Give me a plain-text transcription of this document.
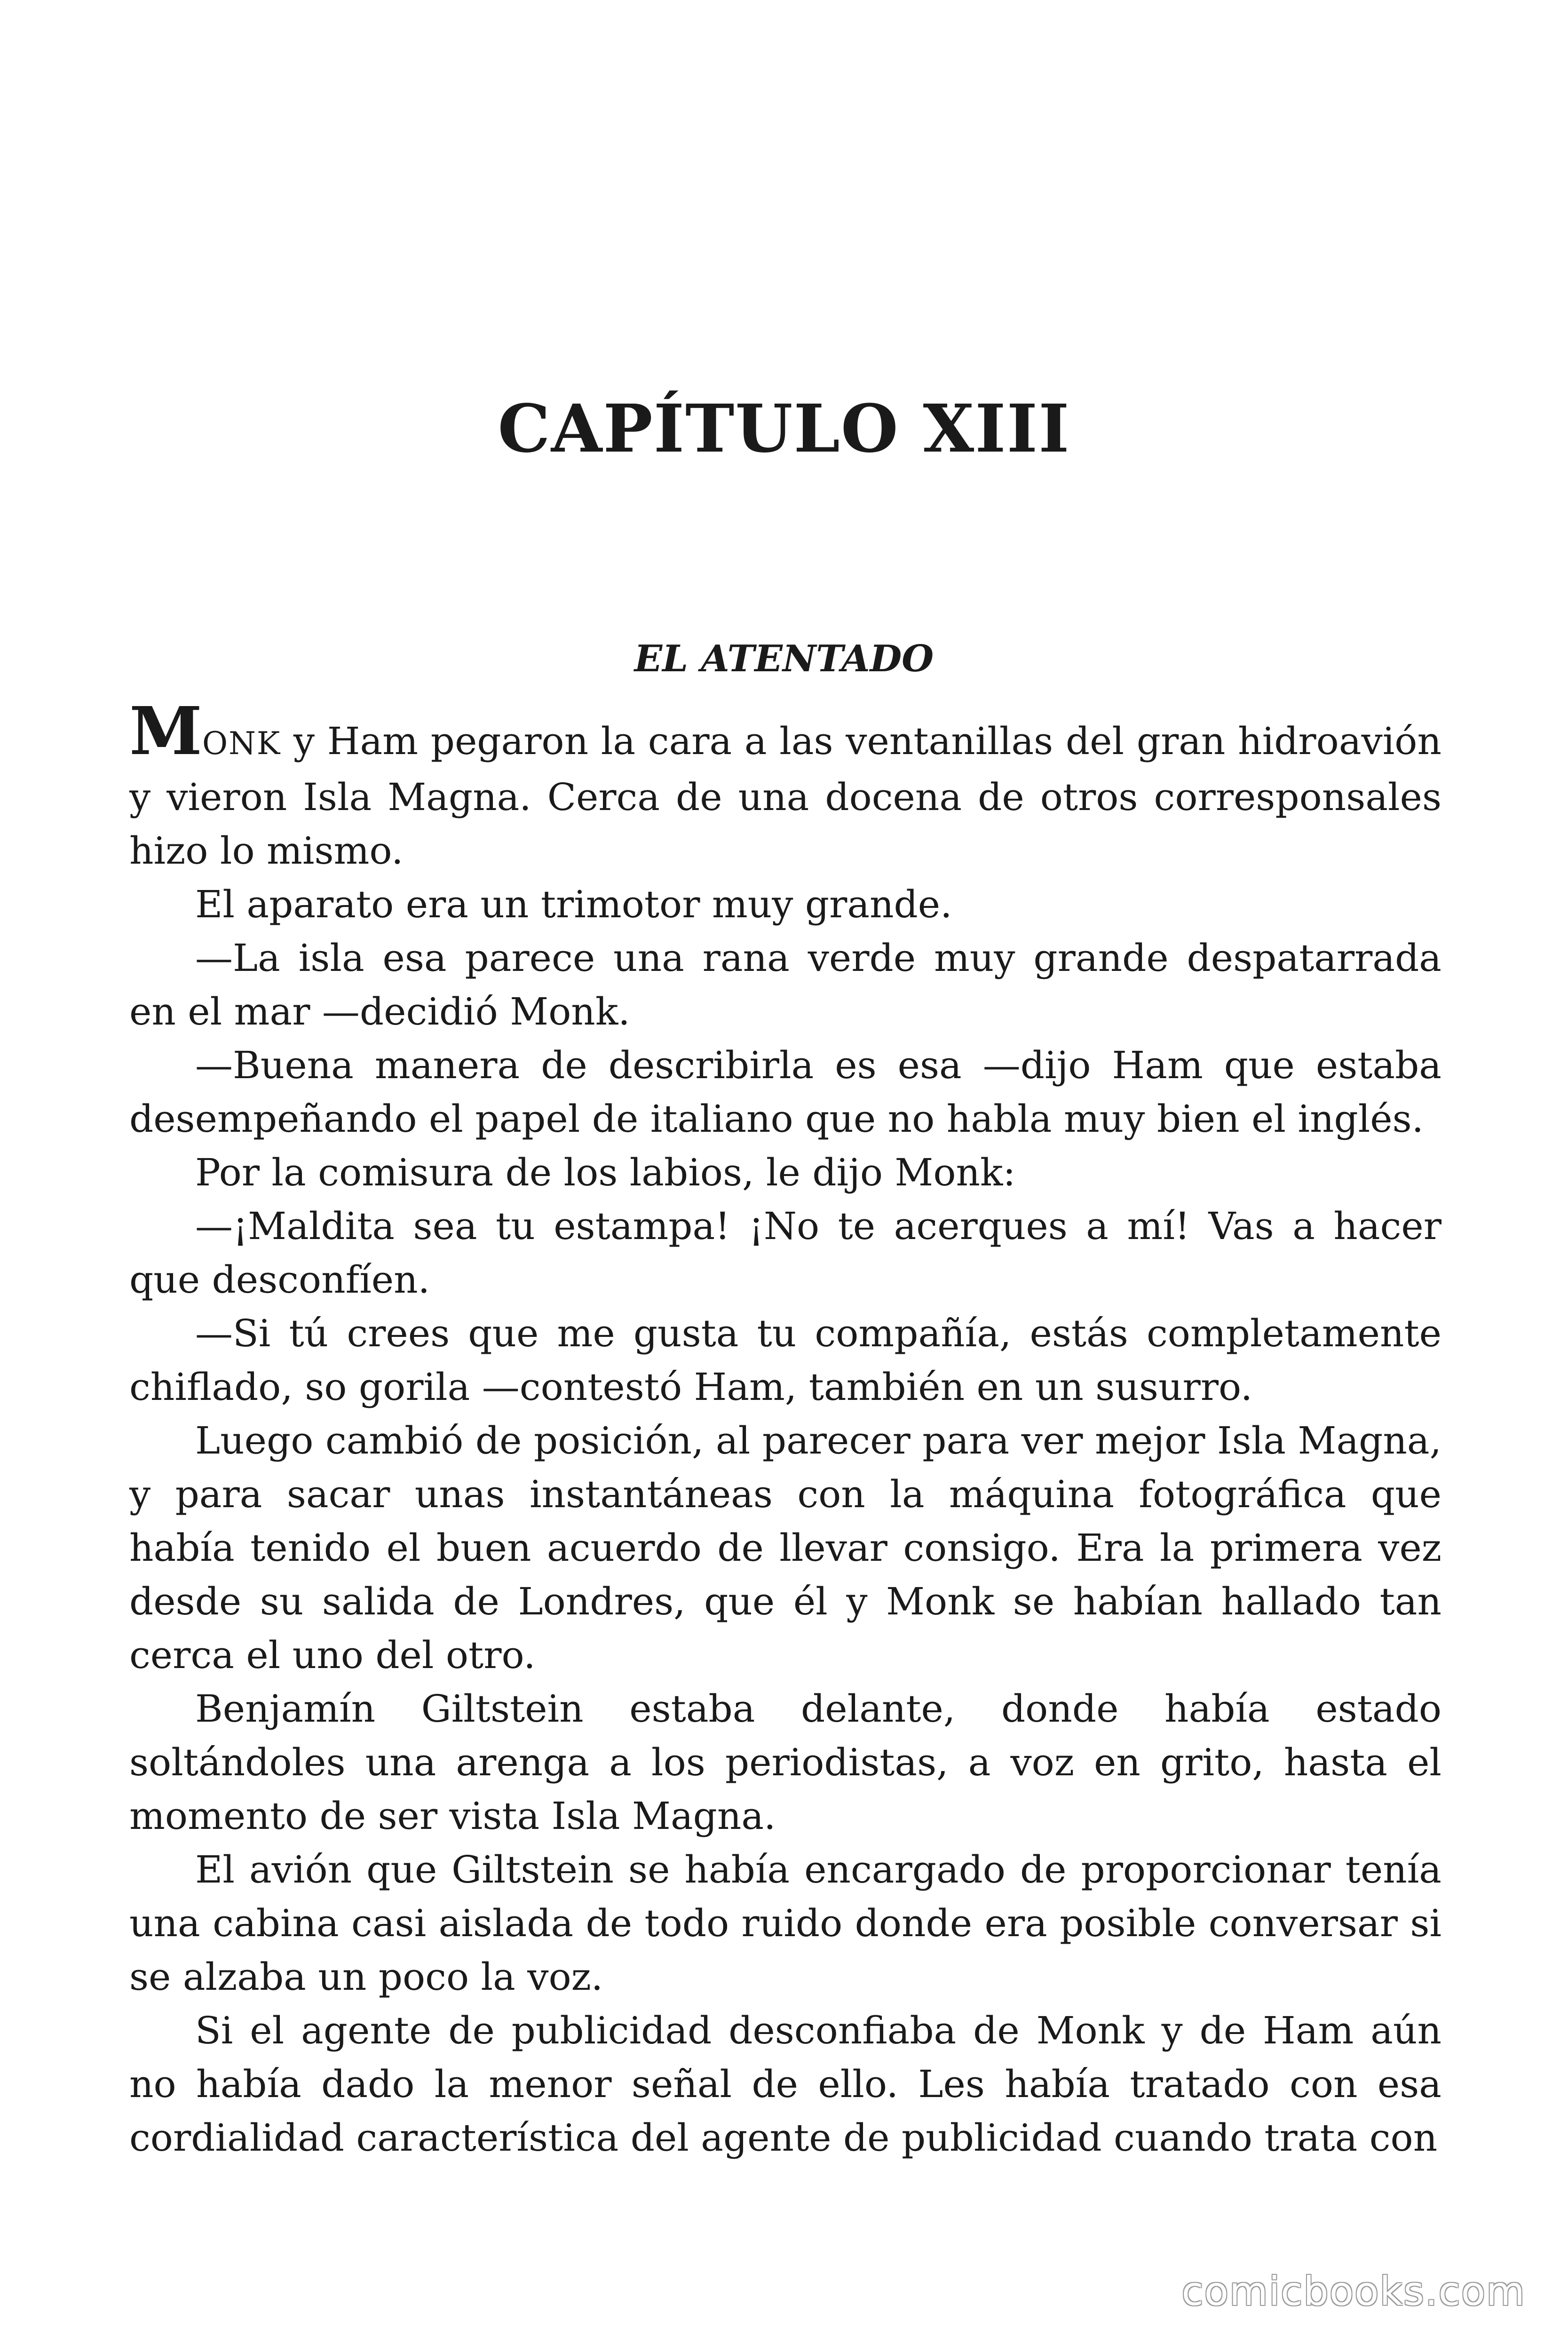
CAPÍTULO XIII
EL ATENTADO

MONK y Ham pegaron la cara a las ventanillas del gran hidroavión y vieron Isla Magna. Cerca de una docena de otros corresponsales hizo lo mismo.

El aparato era un trimotor muy grande.

—La isla esa parece una rana verde muy grande despatarrada en el mar —decidió Monk.

—Buena manera de describirla es esa —dijo Ham que estaba desempeñando el papel de italiano que no habla muy bien el inglés.

Por la comisura de los labios, le dijo Monk:

—¡Maldita sea tu estampa! ¡No te acerques a mí! Vas a hacer que desconfíen.

—Si tú crees que me gusta tu compañía, estás completamente chiflado, so gorila —contestó Ham, también en un susurro.

Luego cambió de posición, al parecer para ver mejor Isla Magna, y para sacar unas instantáneas con la máquina fotográfica que había tenido el buen acuerdo de llevar consigo. Era la primera vez desde su salida de Londres, que él y Monk se habían hallado tan cerca el uno del otro.

Benjamín Giltstein estaba delante, donde había estado soltándoles una arenga a los periodistas, a voz en grito, hasta el momento de ser vista Isla Magna.

El avión que Giltstein se había encargado de proporcionar tenía una cabina casi aislada de todo ruido donde era posible conversar si se alzaba un poco la voz.

Si el agente de publicidad desconfiaba de Monk y de Ham aún no había dado la menor señal de ello. Les había tratado con esa cordialidad característica del agente de publicidad cuando trata con

comicbooks.com
